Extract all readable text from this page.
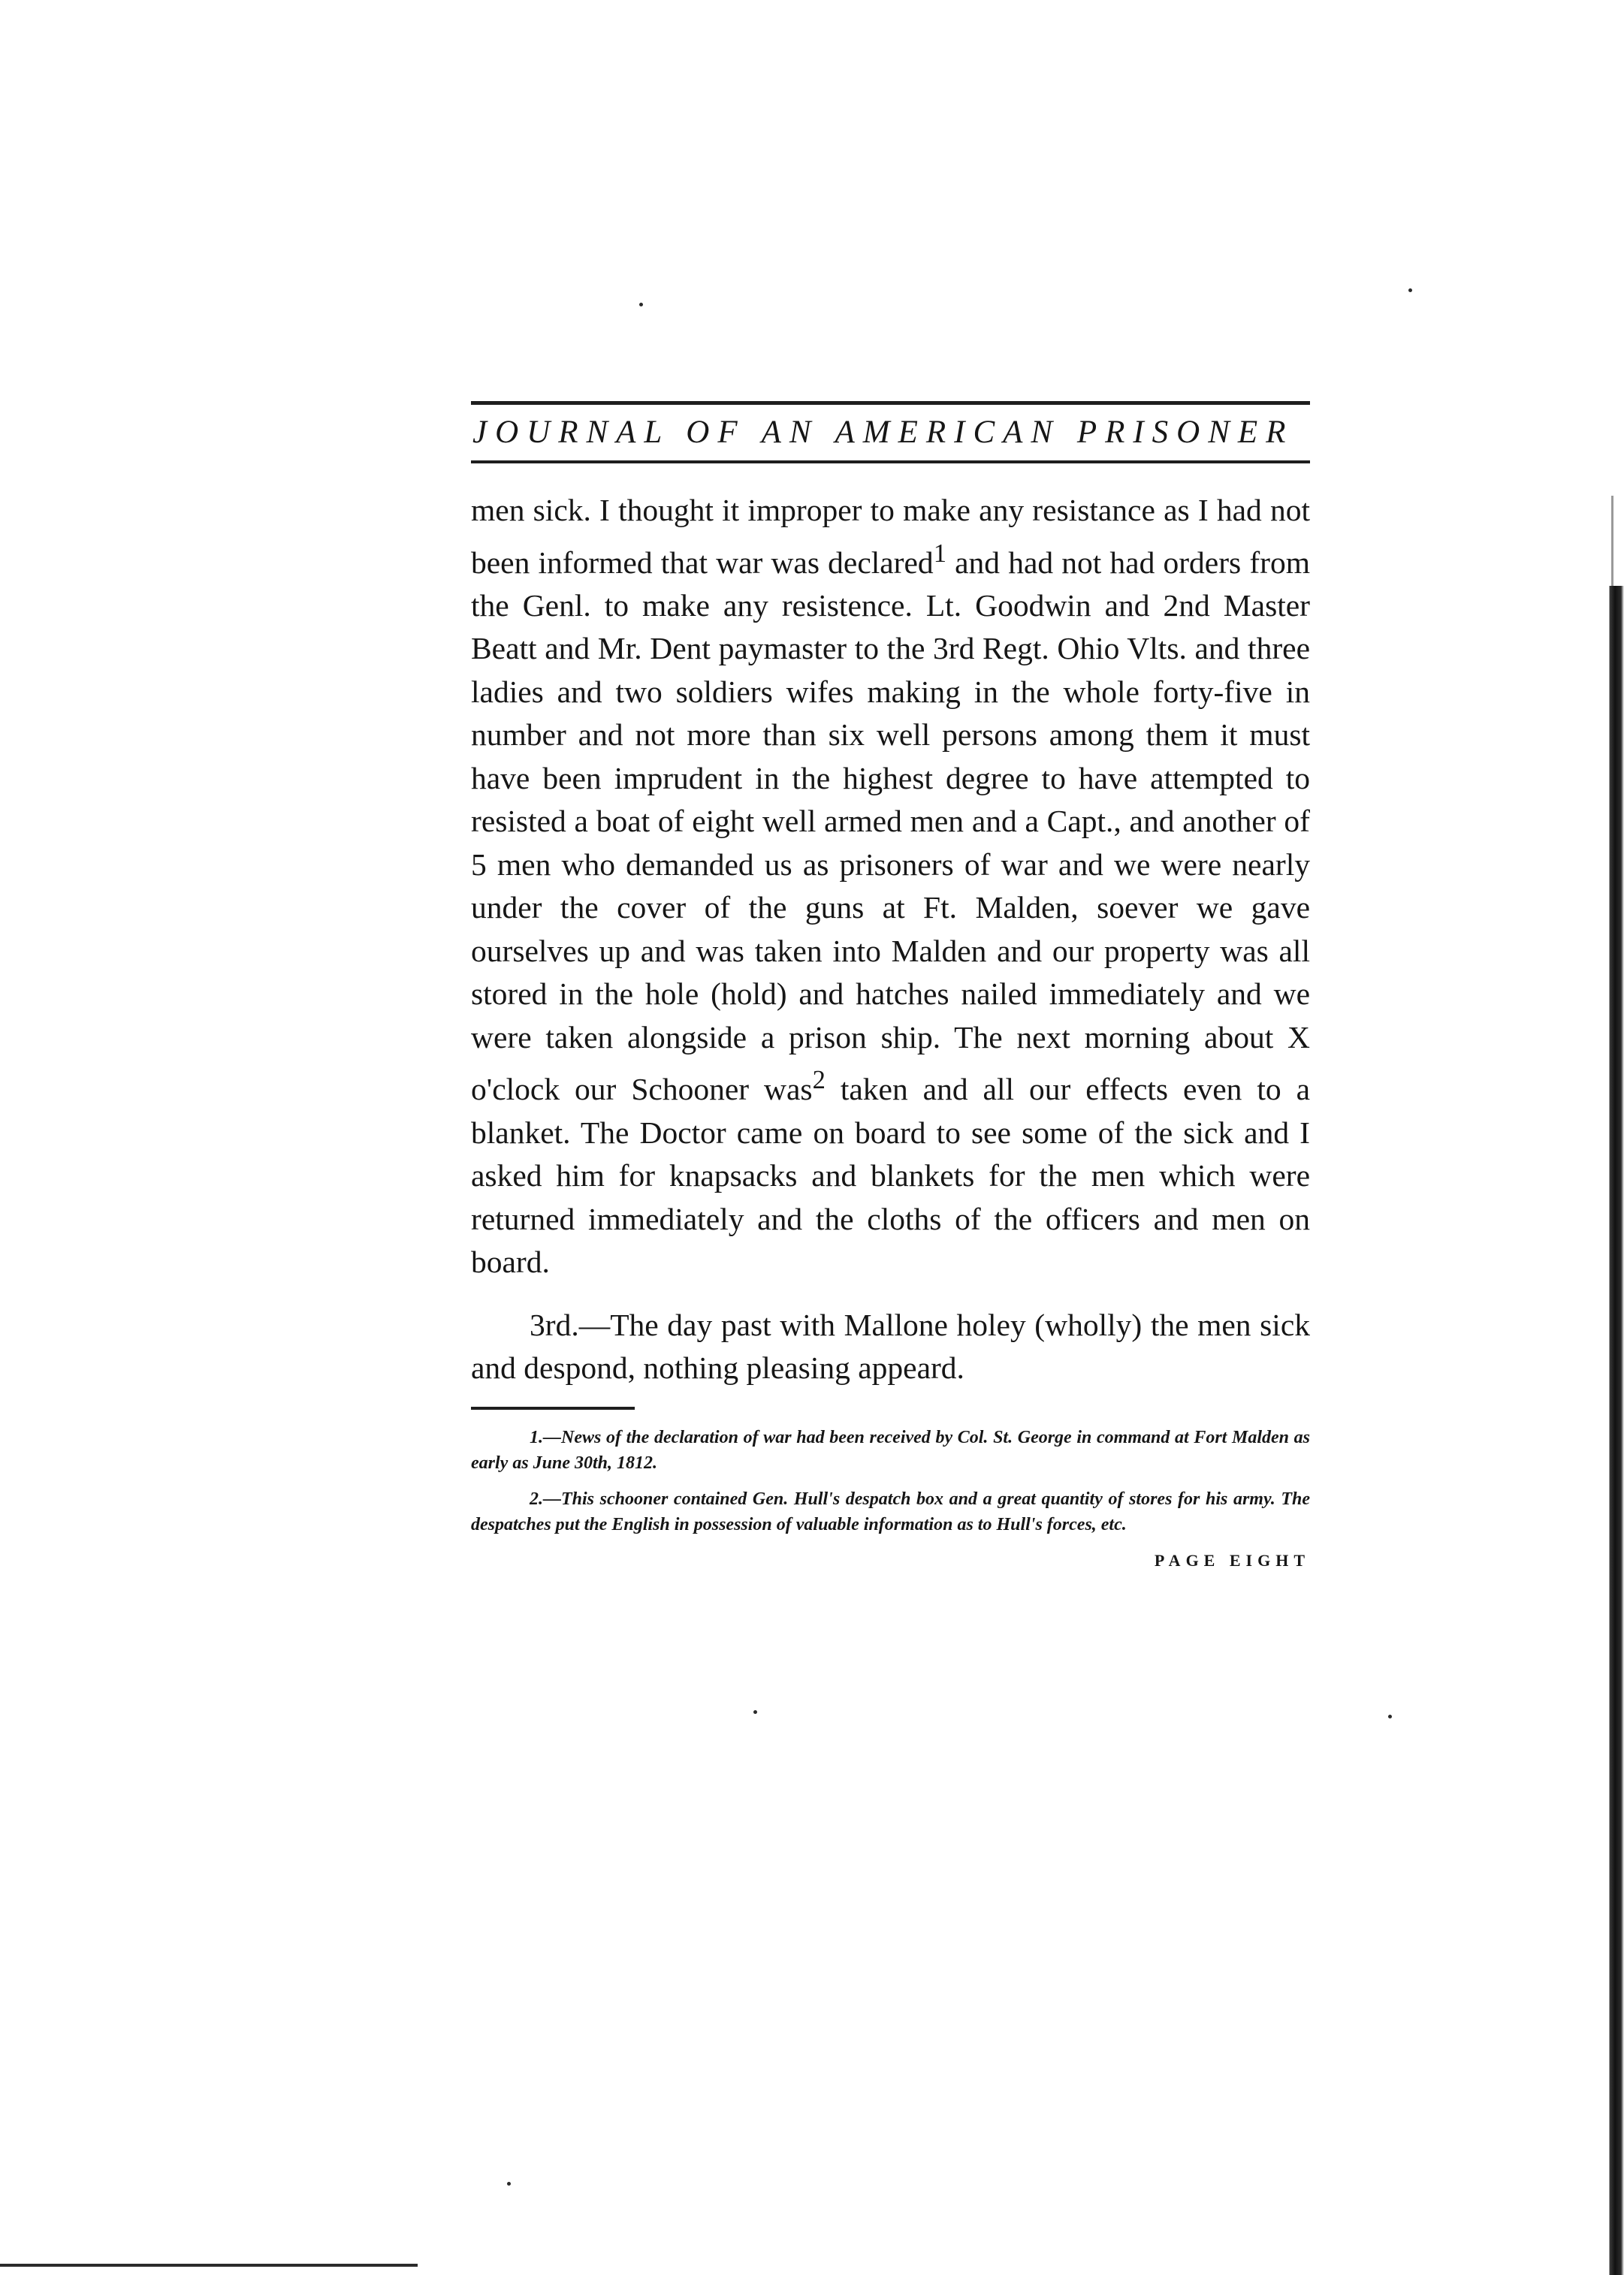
JOURNAL OF AN AMERICAN PRISONER

men sick. I thought it improper to make any resistance as I had not been informed that war was declared$^1$ and had not had orders from the Genl. to make any resistence. Lt. Goodwin and 2nd Master Beatt and Mr. Dent paymaster to the 3rd Regt. Ohio Vlts. and three ladies and two soldiers wifes making in the whole forty-five in number and not more than six well persons among them it must have been imprudent in the highest degree to have attempted to resisted a boat of eight well armed men and a Capt., and another of 5 men who demanded us as prisoners of war and we were nearly under the cover of the guns at Ft. Malden, soever we gave ourselves up and was taken into Malden and our property was all stored in the hole (hold) and hatches nailed immediately and we were taken alongside a prison ship. The next morning about X o'clock our Schooner was$^2$ taken and all our effects even to a blanket. The Doctor came on board to see some of the sick and I asked him for knapsacks and blankets for the men which were returned immediately and the cloths of the officers and men on board.

3rd.—The day past with Mallone holey (wholly) the men sick and despond, nothing pleasing appeard.

1.—News of the declaration of war had been received by Col. St. George in command at Fort Malden as early as June 30th, 1812.

2.—This schooner contained Gen. Hull's despatch box and a great quantity of stores for his army. The despatches put the English in possession of valuable information as to Hull's forces, etc.

PAGE EIGHT
